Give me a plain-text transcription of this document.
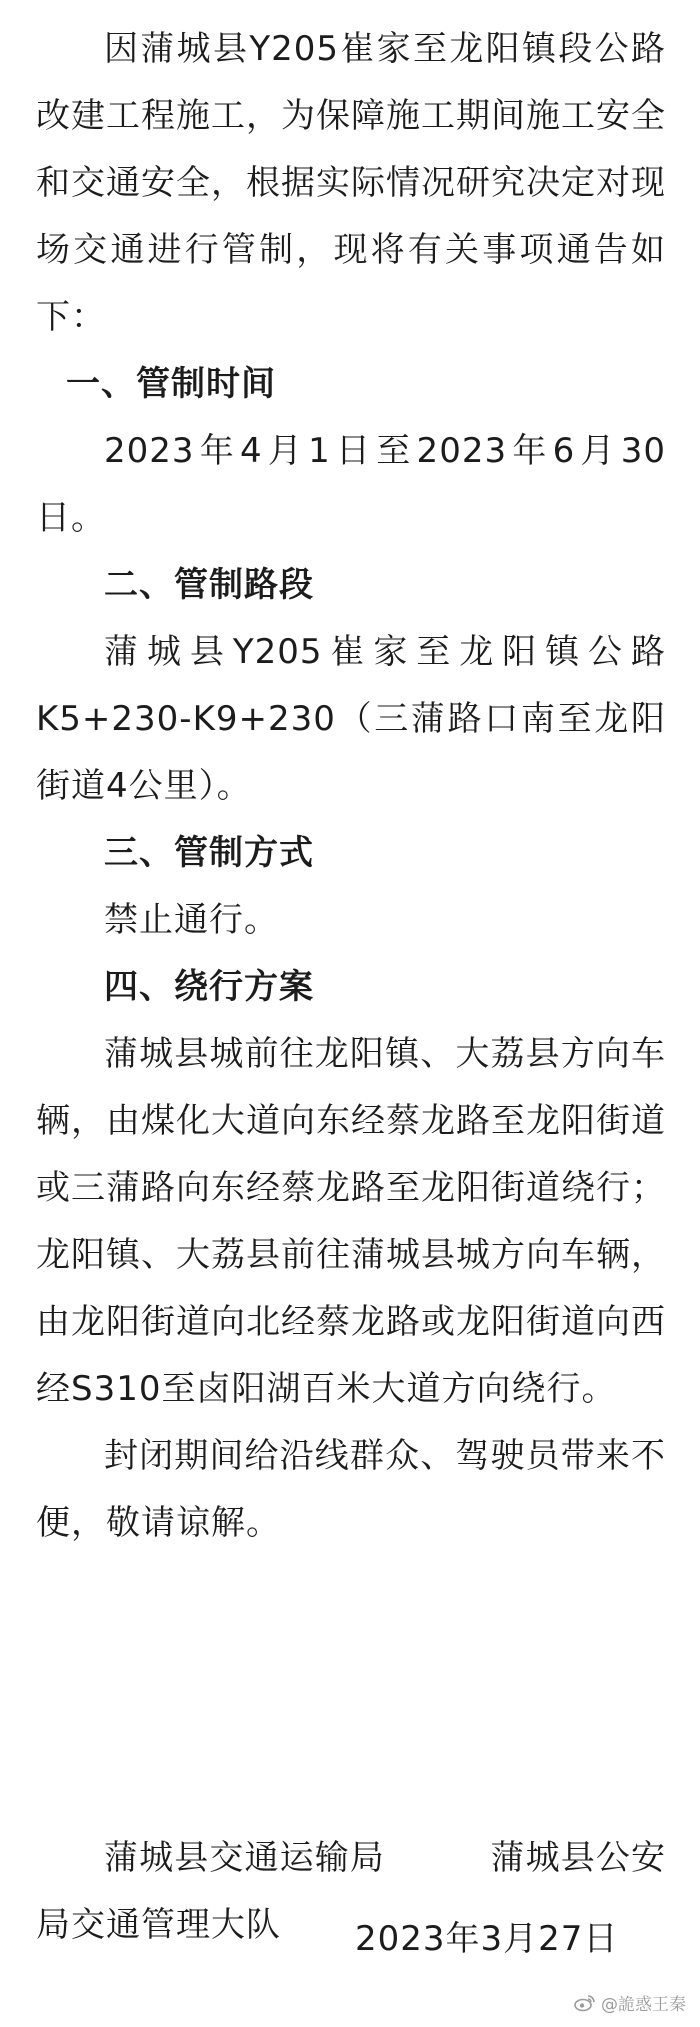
因蒲城县Y205崔家至龙阳镇段公路改建工程施工，为保障施工期间施工安全和交通安全，根据实际情况研究决定对现场交通进行管制，现将有关事项通告如下：

一、管制时间

2023年4月1日至2023年6月30日。

二、管制路段

蒲城县Y205崔家至龙阳镇公路K5+230-K9+230（三蒲路口南至龙阳街道4公里）。

三、管制方式

禁止通行。

四、绕行方案

蒲城县城前往龙阳镇、大荔县方向车辆，由煤化大道向东经蔡龙路至龙阳街道或三蒲路向东经蔡龙路至龙阳街道绕行；龙阳镇、大荔县前往蒲城县城方向车辆，由龙阳街道向北经蔡龙路或龙阳街道向西经S310至卤阳湖百米大道方向绕行。

封闭期间给沿线群众、驾驶员带来不便，敬请谅解。

蒲城县交通运输局　　　蒲城县公安局交通管理大队	2023年3月27日
@詭惑王秦
